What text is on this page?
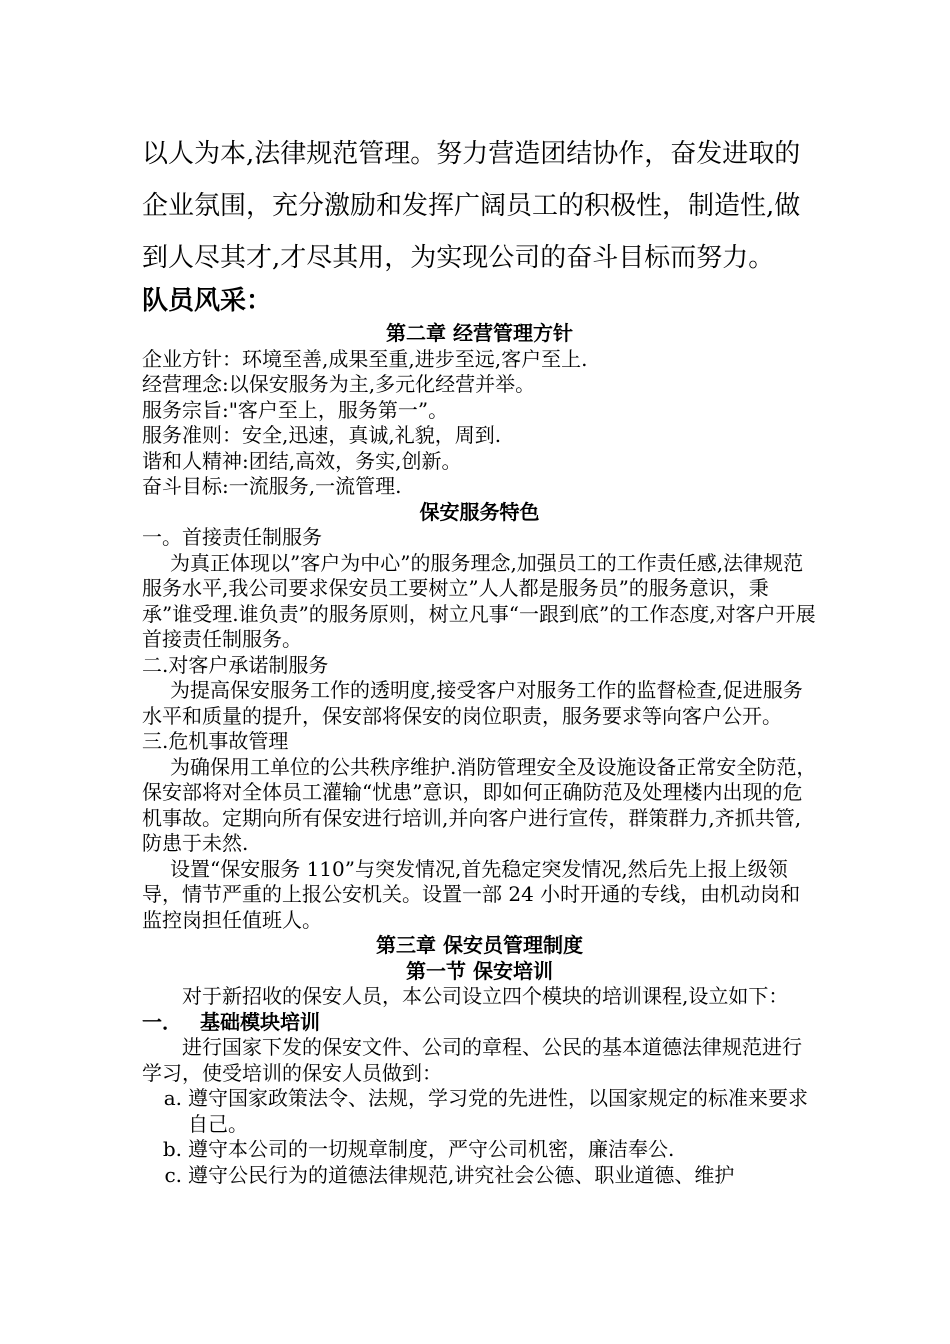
以人为本,法律规范管理。努力营造团结协作，奋发进取的

企业氛围，充分激励和发挥广阔员工的积极性，制造性,做

到人尽其才,才尽其用，为实现公司的奋斗目标而努力。

队员风采：

第二章 经营管理方针

企业方针：环境至善,成果至重,进步至远,客户至上.

经营理念:以保安服务为主,多元化经营并举。

服务宗旨:"客户至上，服务第一”。

服务准则：安全,迅速，真诚,礼貌，周到.

谐和人精神:团结,高效，务实,创新。

奋斗目标:一流服务,一流管理.

保安服务特色

一。首接责任制服务

为真正体现以”客户为中心”的服务理念,加强员工的工作责任感,法律规范服务水平,我公司要求保安员工要树立”人人都是服务员”的服务意识，秉承”谁受理.谁负责”的服务原则，树立凡事“一跟到底”的工作态度,对客户开展首接责任制服务。

二.对客户承诺制服务

为提高保安服务工作的透明度,接受客户对服务工作的监督检查,促进服务水平和质量的提升，保安部将保安的岗位职责，服务要求等向客户公开。

三.危机事故管理

为确保用工单位的公共秩序维护.消防管理安全及设施设备正常安全防范，保安部将对全体员工灌输“忧患”意识，即如何正确防范及处理楼内出现的危机事故。定期向所有保安进行培训,并向客户进行宣传，群策群力,齐抓共管,防患于未然.

设置“保安服务 110”与突发情况,首先稳定突发情况,然后先上报上级领导，情节严重的上报公安机关。设置一部 24 小时开通的专线，由机动岗和监控岗担任值班人。

第三章 保安员管理制度

第一节 保安培训

对于新招收的保安人员，本公司设立四个模块的培训课程,设立如下：

一． 基础模块培训

进行国家下发的保安文件、公司的章程、公民的基本道德法律规范进行学习，使受培训的保安人员做到：

a. 遵守国家政策法令、法规，学习党的先进性，以国家规定的标准来要求自己。
b. 遵守本公司的一切规章制度，严守公司机密，廉洁奉公.
c. 遵守公民行为的道德法律规范,讲究社会公德、职业道德、维护
